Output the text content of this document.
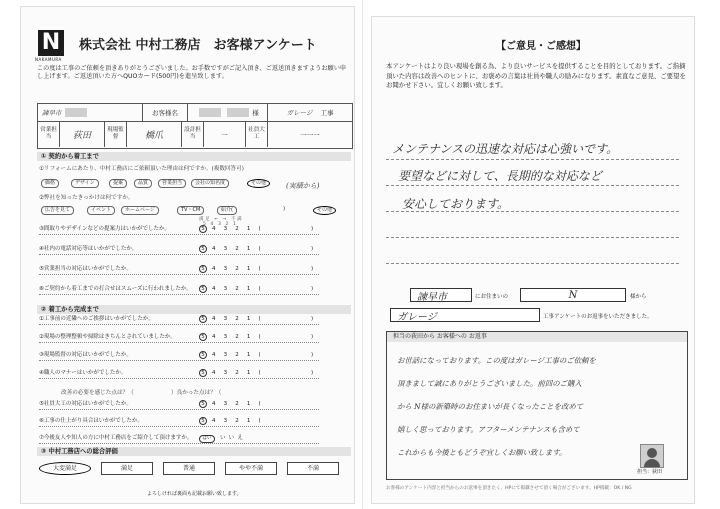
N
NAKAMURA
株式会社 中村工務店　お客様アンケート
この度は工事のご依頼を頂きありがとうございました。お手数ですがご記入頂き、ご返送頂きますようお願い申し上げます。ご返送頂いた方へQUOカード(500円)を進呈致します。
諫早市	お客様名	様	ガレージ 工事
営業担当	荻田
現場監督	橋爪
設計担当	一
社員大工	一一一
① 契約から着工まで
①リフォームにあたり、中村工務店にご依頼頂いた理由は何ですか。(複数回答可)
価格	デザイン	提案	品質	営業担当	会社の知名度	その他	(実績から)
②弊社を知ったきっかけは何ですか。
広告を見て	イベント	ホームページ	TV・CM	紹介(	)	その他
満足 ← → 不満
5 4 3 2 1
③間取りやデザインなどの提案力はいかがでしたか。	5 4 3 2 1 (	)
④社内の電話対応等はいかがでしたか。	5 4 3 2 1 (	)
⑤営業担当の対応はいかがでしたか。	5 4 3 2 1 (	)
⑥ご契約から着工までの打合せはスムーズに行われましたか。	5 4 3 2 1 (	)
② 着工から完成まで
①工事前の近隣へのご挨拶はいかがでしたか。	5 4 3 2 1 (	)
②現場の整理整頓や掃除はきちんとされていましたか。	5 4 3 2 1 (	)
③現場監督の対応はいかがでしたか。	5 4 3 2 1 (	)
④職人のマナーはいかがでしたか。	5 4 3 2 1 (	)
⑤社員大工の対応はいかがでしたか。	5 4 3 2 1 (
⑥工事の仕上がり具合はいかがでしたか。	5 4 3 2 1 (
⑦今後友人や知人の方に中村工務店をご紹介して頂けますか。	はい いいえ
改善の必要を感じた点は？（	）良かった点は？（
③ 中村工務店への総合評価
大変満足	満足	普通	やや不満	不満
よろしければ裏面も記載お願い致します。
【ご意見・ご感想】
本アンケートはより良い現場を創る為、より良いサービスを提供することを目的としております。ご指摘頂いた内容は改善へのヒントに、お褒めの言葉は社員や職人の励みになります。素直なご意見、ご要望をお聞かせ下さい。宜しくお願い致します。
メンテナンスの迅速な対応は心強いです。
要望などに対して、長期的な対応など
安心しております。
諫早市	にお住まいの	N	様から
ガレージ	工事アンケートのお返事をいただきました。
担当の荻田から お客様への お返事
お世話になっております。この度はガレージ工事のご依頼を
頂きまして誠にありがとうございました。前回のご購入
から N様の新築時のお住まいが長くなったことを改めて
嬉しく思っております。アフターメンテナンスも含めて
これからも今後ともどうぞ宜しくお願い致します。
担当：荻田
お客様のアンケート内容と担当からのお返事を頂きたく、HPにて掲載させて頂く場合がございます。HP掲載：OK / NG
